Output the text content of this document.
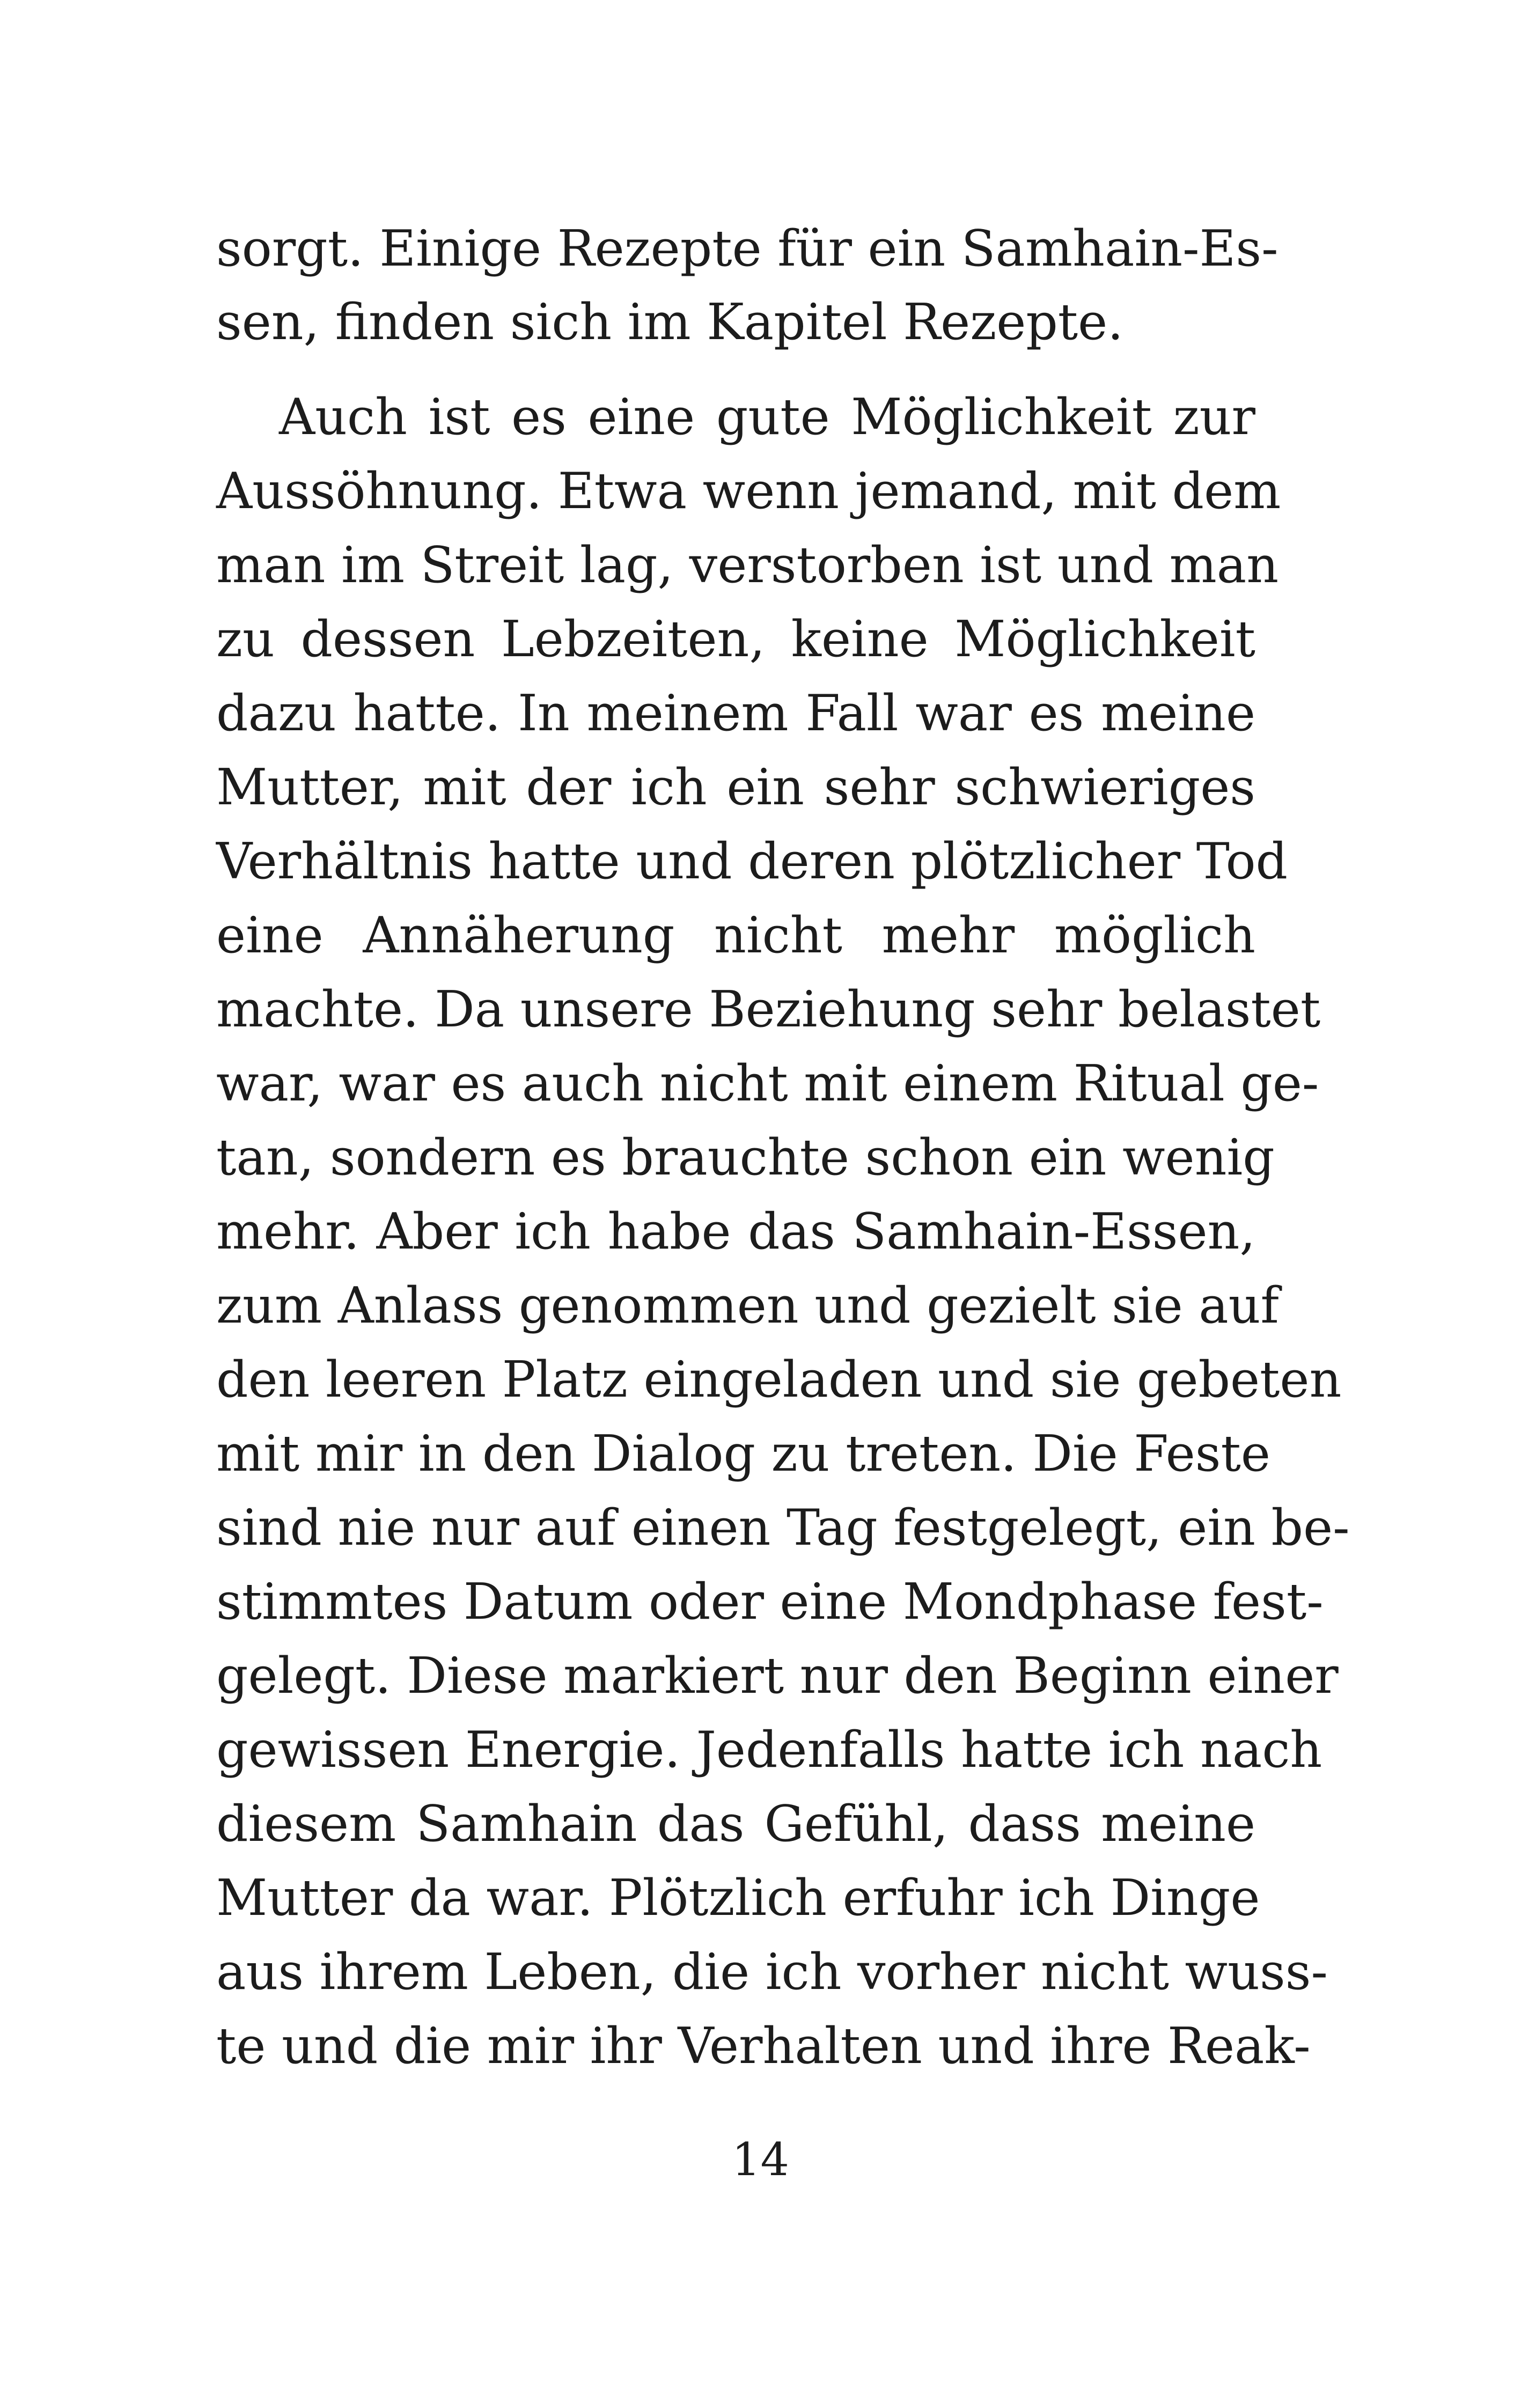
sorgt. Einige Rezepte für ein Samhain-Es-
sen, finden sich im Kapitel Rezepte.
Auch ist es eine gute Möglichkeit zur
Aussöhnung. Etwa wenn jemand, mit dem
man im Streit lag, verstorben ist und man
zu dessen Lebzeiten, keine Möglichkeit
dazu hatte. In meinem Fall war es meine
Mutter, mit der ich ein sehr schwieriges
Verhältnis hatte und deren plötzlicher Tod
eine Annäherung nicht mehr möglich
machte. Da unsere Beziehung sehr belastet
war, war es auch nicht mit einem Ritual ge-
tan, sondern es brauchte schon ein wenig
mehr. Aber ich habe das Samhain-Essen,
zum Anlass genommen und gezielt sie auf
den leeren Platz eingeladen und sie gebeten
mit mir in den Dialog zu treten. Die Feste
sind nie nur auf einen Tag festgelegt, ein be-
stimmtes Datum oder eine Mondphase fest-
gelegt. Diese markiert nur den Beginn einer
gewissen Energie. Jedenfalls hatte ich nach
diesem Samhain das Gefühl, dass meine
Mutter da war. Plötzlich erfuhr ich Dinge
aus ihrem Leben, die ich vorher nicht wuss-
te und die mir ihr Verhalten und ihre Reak-
14
